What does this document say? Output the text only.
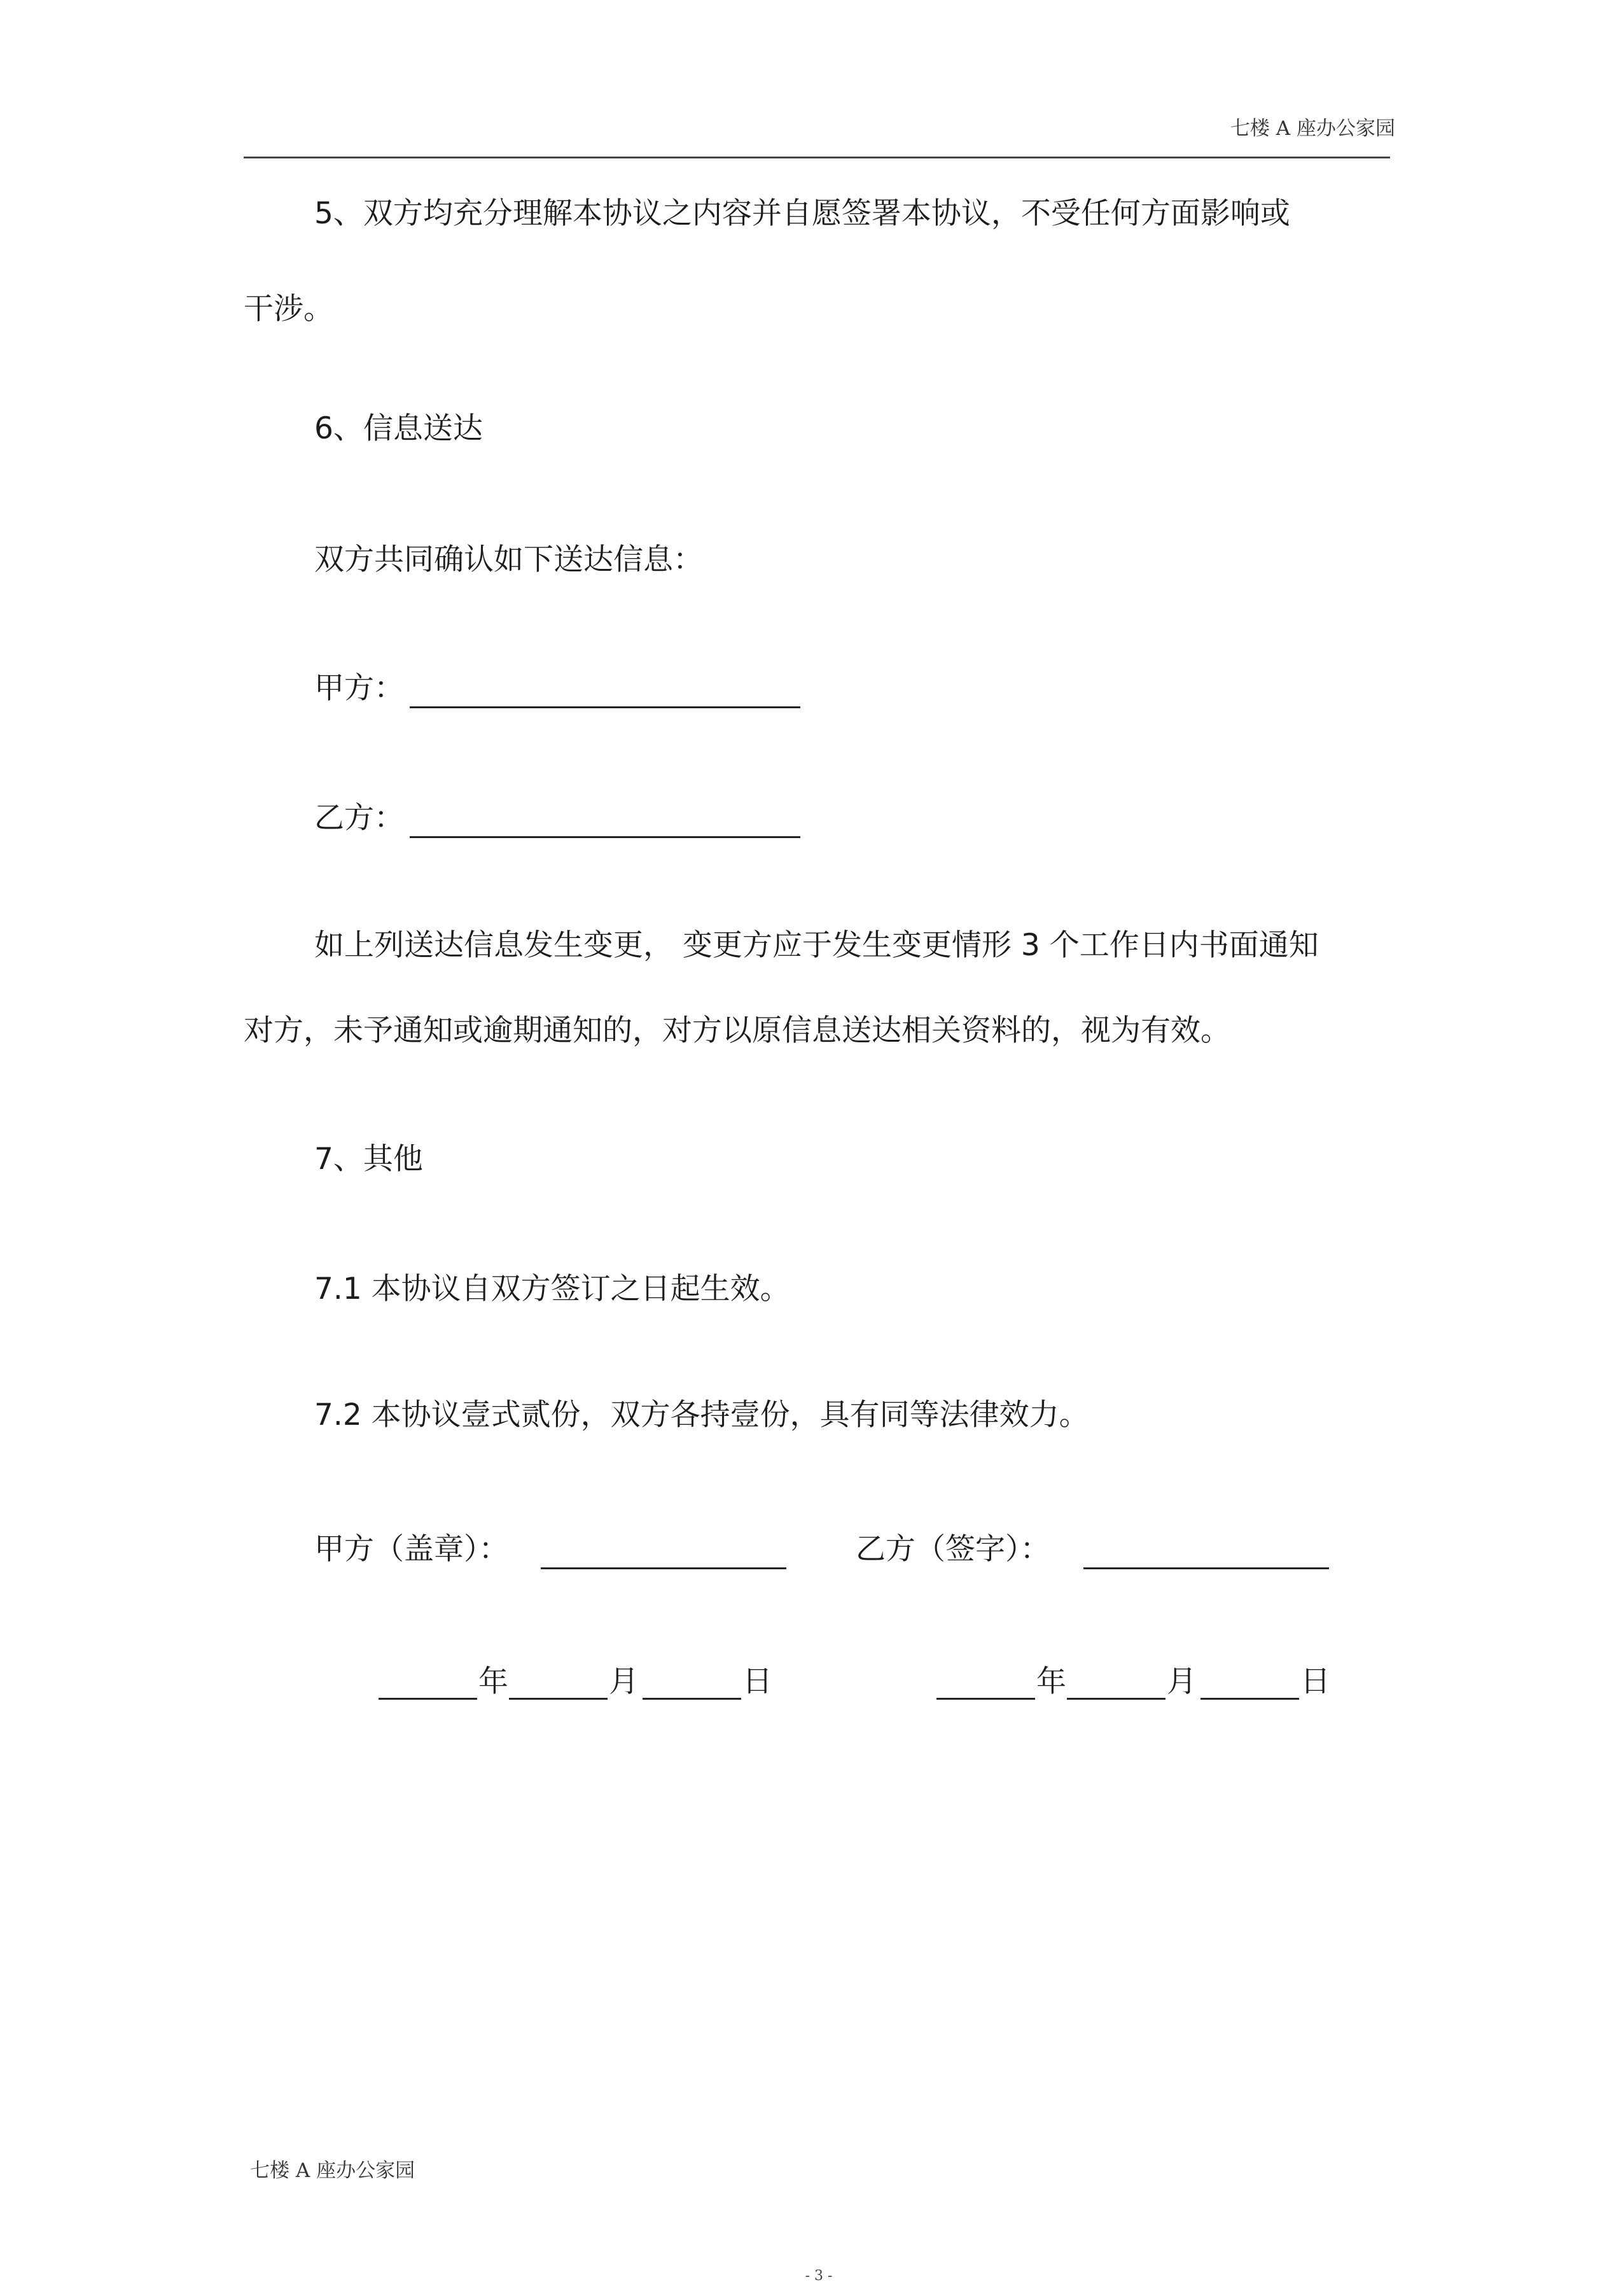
七楼 A 座办公家园
5、双方均充分理解本协议之内容并自愿签署本协议，不受任何方面影响或
干涉。
6、信息送达
双方共同确认如下送达信息：
甲方：
乙方：
如上列送达信息发生变更， 变更方应于发生变更情形 3 个工作日内书面通知
对方，未予通知或逾期通知的，对方以原信息送达相关资料的，视为有效。
7、其他
7.1 本协议自双方签订之日起生效。
7.2 本协议壹式贰份，双方各持壹份，具有同等法律效力。
甲方（盖章）：	乙方（签字）：
年	月	日	年	月	日
七楼 A 座办公家园
- 3 -
